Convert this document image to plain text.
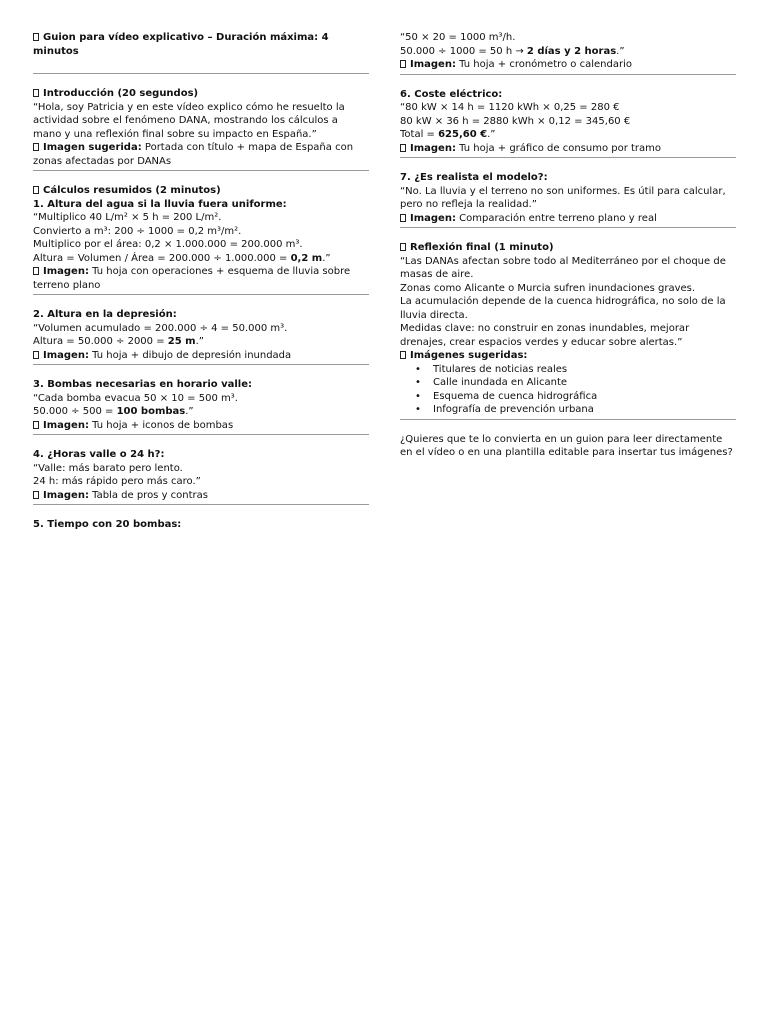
Guion para vídeo explicativo – Duración máxima: 4 minutos
Introducción (20 segundos)
“Hola, soy Patricia y en este vídeo explico cómo he resuelto la actividad sobre el fenómeno DANA, mostrando los cálculos a mano y una reflexión final sobre su impacto en España.”
Imagen sugerida: Portada con título + mapa de España con zonas afectadas por DANAs
Cálculos resumidos (2 minutos)
1. Altura del agua si la lluvia fuera uniforme:
“Multiplico 40 L/m² × 5 h = 200 L/m².
Convierto a m³: 200 ÷ 1000 = 0,2 m³/m².
Multiplico por el área: 0,2 × 1.000.000 = 200.000 m³.
Altura = Volumen / Área = 200.000 ÷ 1.000.000 = 0,2 m.”
Imagen: Tu hoja con operaciones + esquema de lluvia sobre terreno plano
2. Altura en la depresión:
“Volumen acumulado = 200.000 ÷ 4 = 50.000 m³.
Altura = 50.000 ÷ 2000 = 25 m.”
Imagen: Tu hoja + dibujo de depresión inundada
3. Bombas necesarias en horario valle:
“Cada bomba evacua 50 × 10 = 500 m³.
50.000 ÷ 500 = 100 bombas.”
Imagen: Tu hoja + iconos de bombas
4. ¿Horas valle o 24 h?:
“Valle: más barato pero lento.
24 h: más rápido pero más caro.”
Imagen: Tabla de pros y contras
5. Tiempo con 20 bombas:
“50 × 20 = 1000 m³/h.
50.000 ÷ 1000 = 50 h → 2 días y 2 horas.”
Imagen: Tu hoja + cronómetro o calendario
6. Coste eléctrico:
“80 kW × 14 h = 1120 kWh × 0,25 = 280 €
80 kW × 36 h = 2880 kWh × 0,12 = 345,60 €
Total = 625,60 €.”
Imagen: Tu hoja + gráfico de consumo por tramo
7. ¿Es realista el modelo?:
“No. La lluvia y el terreno no son uniformes. Es útil para calcular, pero no refleja la realidad.”
Imagen: Comparación entre terreno plano y real
Reflexión final (1 minuto)
“Las DANAs afectan sobre todo al Mediterráneo por el choque de masas de aire.
Zonas como Alicante o Murcia sufren inundaciones graves.
La acumulación depende de la cuenca hidrográfica, no solo de la lluvia directa.
Medidas clave: no construir en zonas inundables, mejorar drenajes, crear espacios verdes y educar sobre alertas.”
Imágenes sugeridas:
• Titulares de noticias reales
• Calle inundada en Alicante
• Esquema de cuenca hidrográfica
• Infografía de prevención urbana
¿Quieres que te lo convierta en un guion para leer directamente en el vídeo o en una plantilla editable para insertar tus imágenes?
